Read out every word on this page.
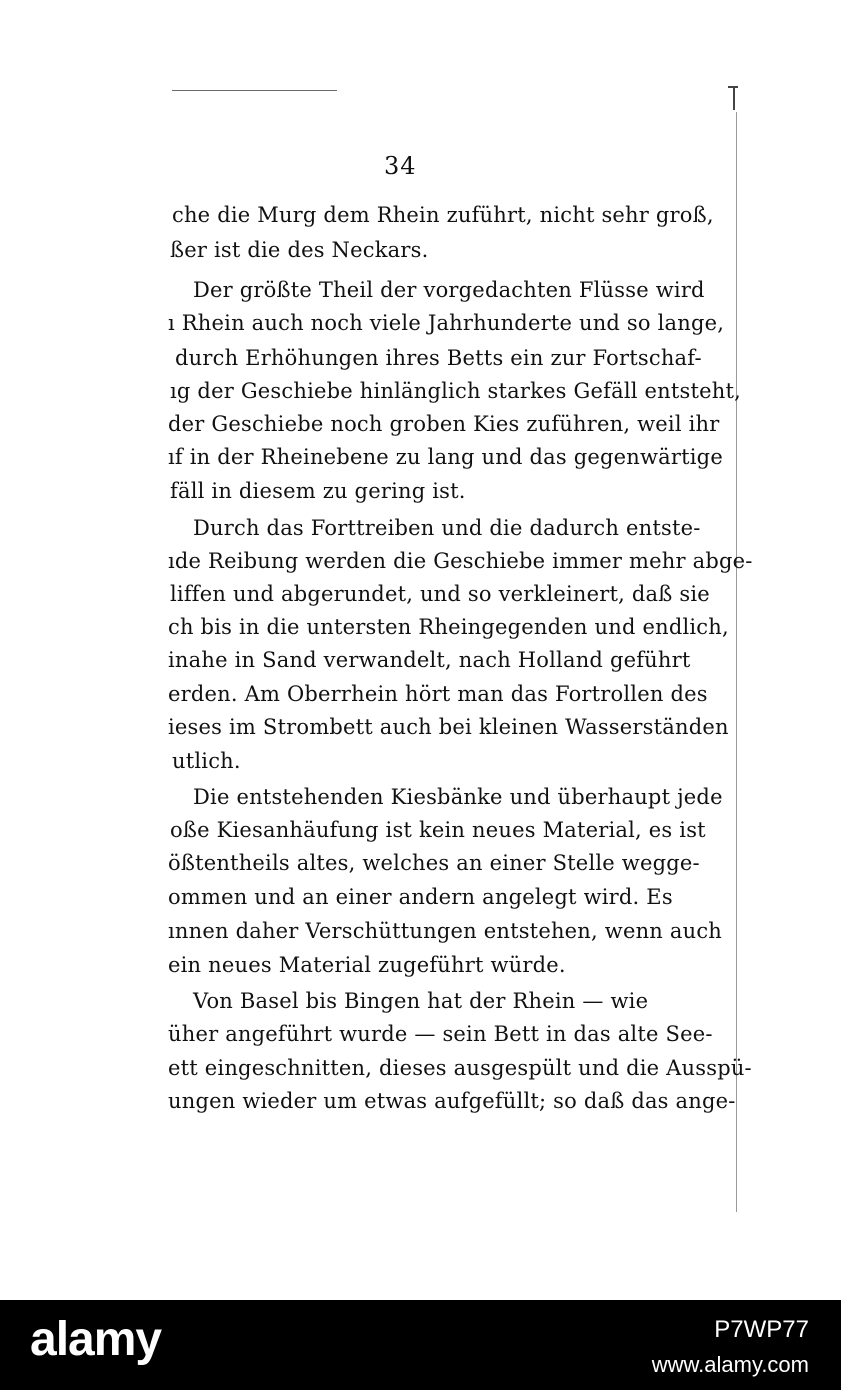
34
che die Murg dem Rhein zuführt, nicht sehr groß,
ßer ist die des Neckars.
Der größte Theil der vorgedachten Flüsse wird
ı Rhein auch noch viele Jahrhunderte und so lange,
durch Erhöhungen ihres Betts ein zur Fortschaf-
ıg der Geschiebe hinlänglich starkes Gefäll entsteht,
der Geschiebe noch groben Kies zuführen, weil ihr
ıf in der Rheinebene zu lang und das gegenwärtige
fäll in diesem zu gering ist.
Durch das Forttreiben und die dadurch entste-
ıde Reibung werden die Geschiebe immer mehr abge-
liffen und abgerundet, und so verkleinert, daß sie
ch bis in die untersten Rheingegenden und endlich,
inahe in Sand verwandelt, nach Holland geführt
erden. Am Oberrhein hört man das Fortrollen des
ieses im Strombett auch bei kleinen Wasserständen
utlich.
Die entstehenden Kiesbänke und überhaupt jede
oße Kiesanhäufung ist kein neues Material, es ist
ößtentheils altes, welches an einer Stelle wegge-
ommen und an einer andern angelegt wird. Es
ınnen daher Verschüttungen entstehen, wenn auch
ein neues Material zugeführt würde.
Von Basel bis Bingen hat der Rhein — wie
üher angeführt wurde — sein Bett in das alte See-
ett eingeschnitten, dieses ausgespült und die Ausspü-
ungen wieder um etwas aufgefüllt; so daß das ange-
alamy	P7WP77
www.alamy.com
